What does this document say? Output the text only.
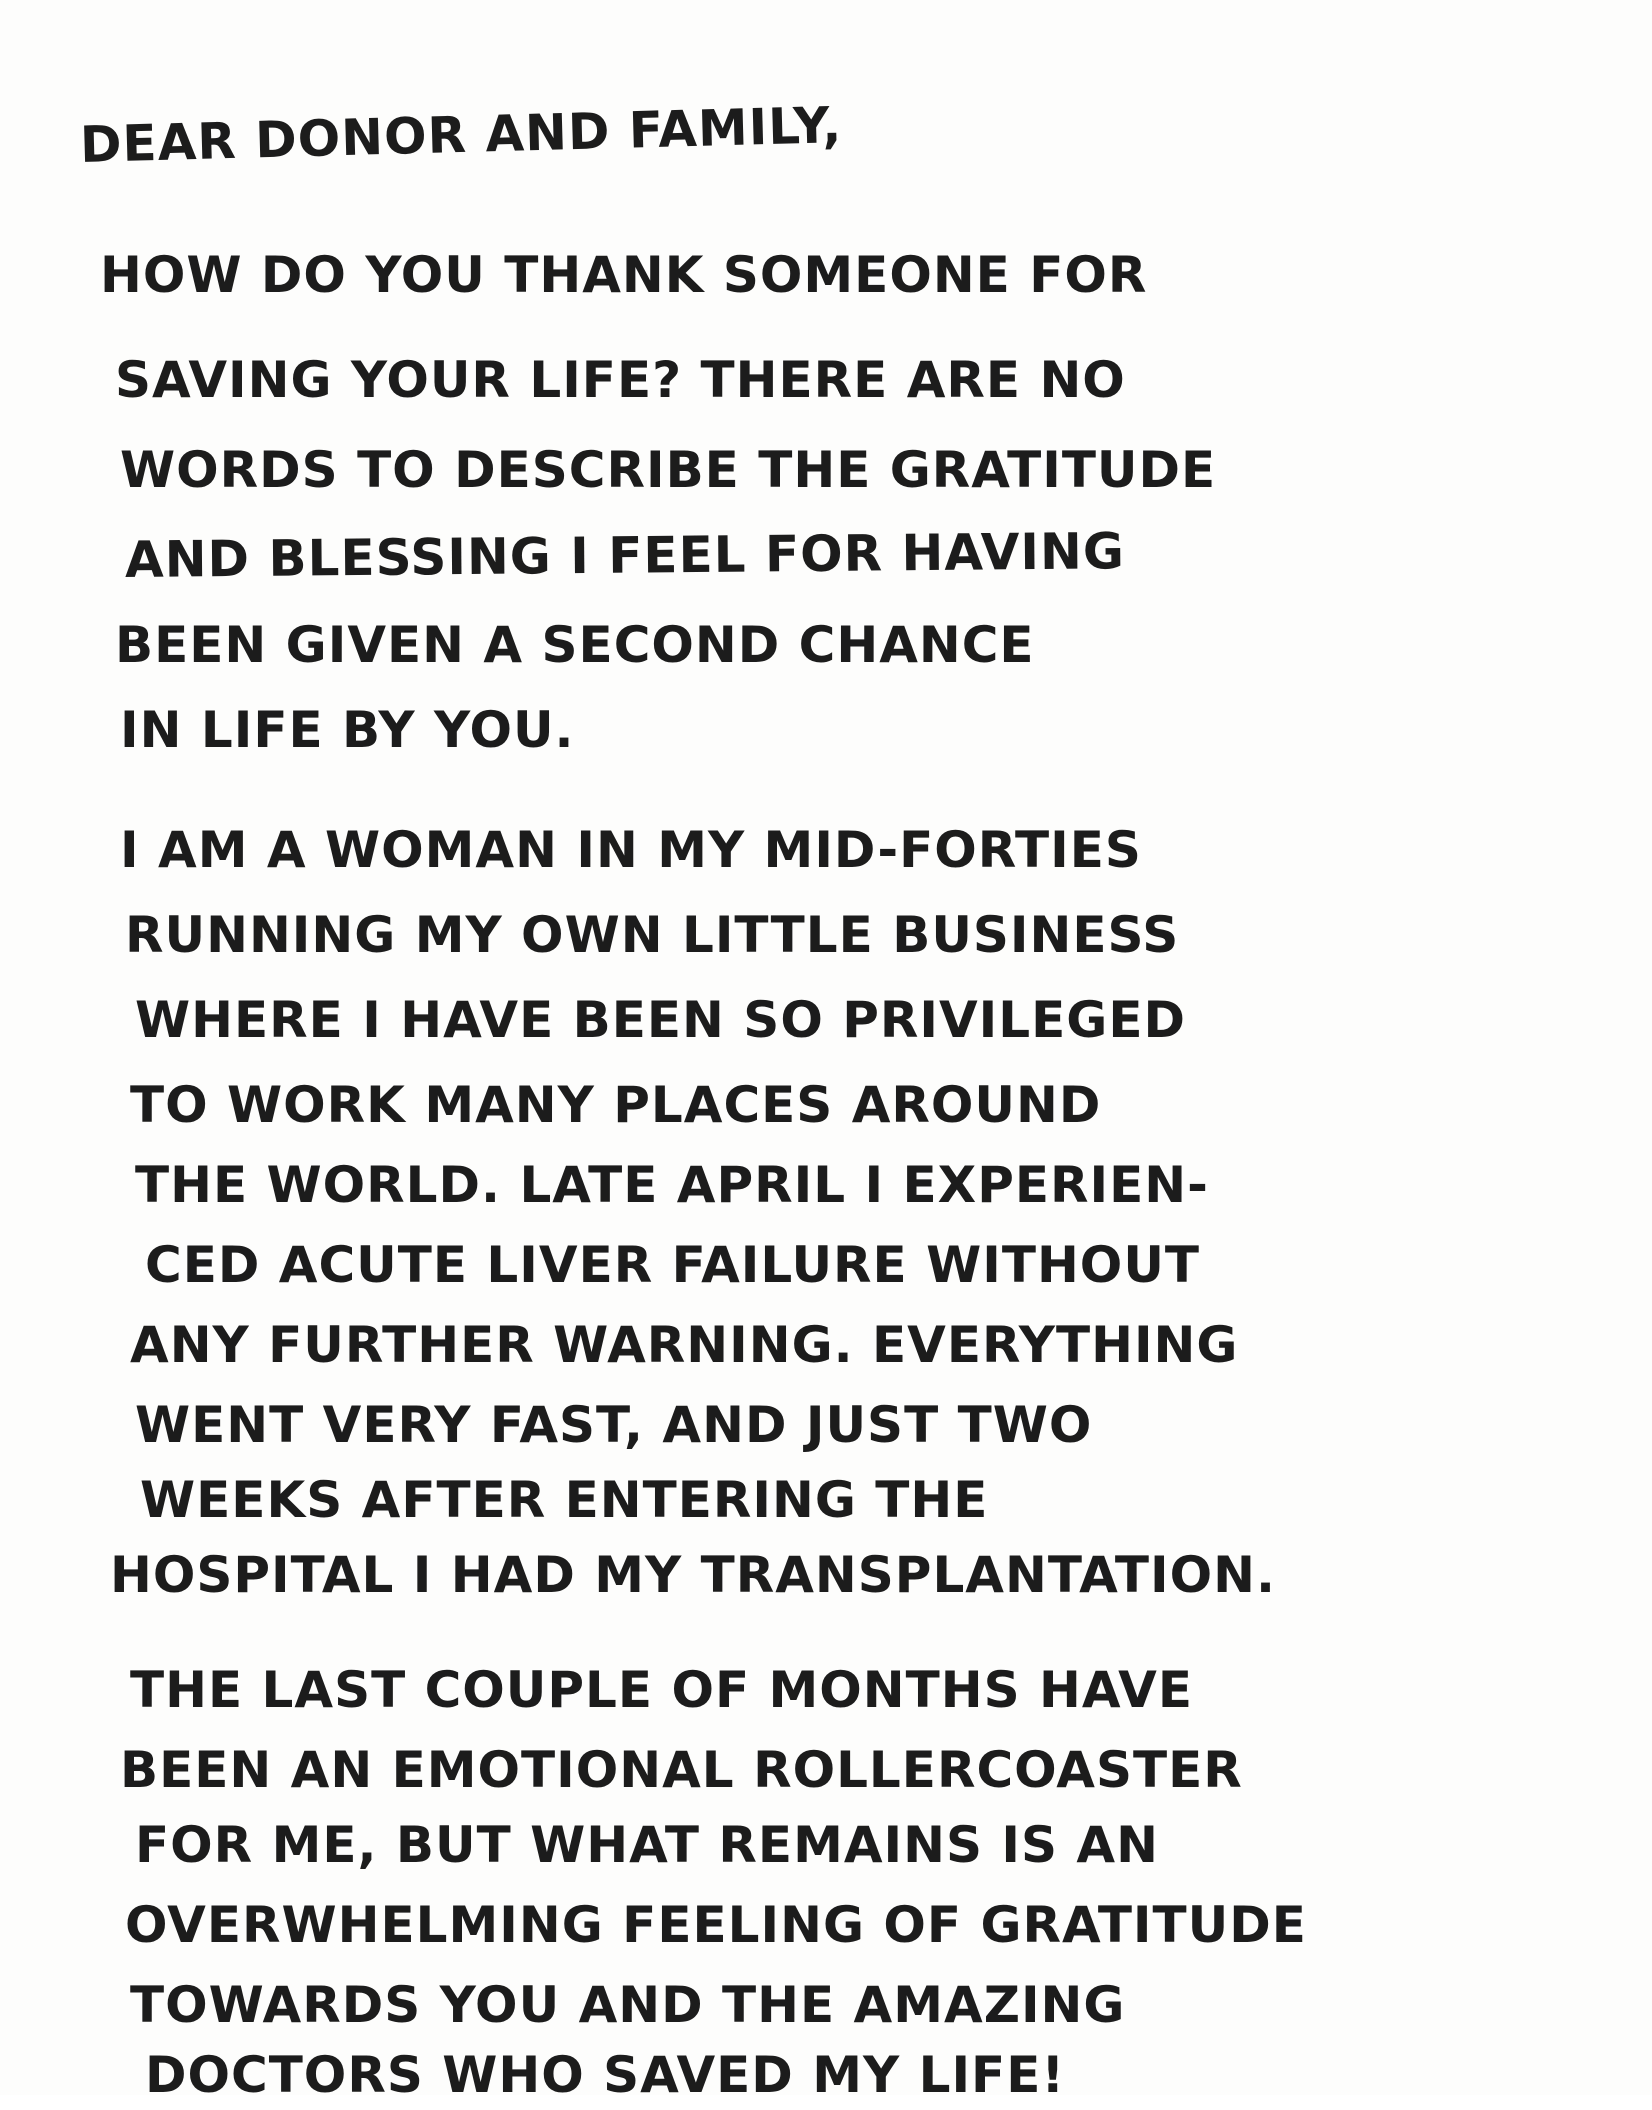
DEAR DONOR AND FAMILY,
HOW DO YOU THANK SOMEONE FOR
SAVING YOUR LIFE? THERE ARE NO
WORDS TO DESCRIBE THE GRATITUDE
AND BLESSING I FEEL FOR HAVING
BEEN GIVEN A SECOND CHANCE
IN LIFE BY YOU.
I AM A WOMAN IN MY MID-FORTIES
RUNNING MY OWN LITTLE BUSINESS
WHERE I HAVE BEEN SO PRIVILEGED
TO WORK MANY PLACES AROUND
THE WORLD. LATE APRIL I EXPERIEN-
CED ACUTE LIVER FAILURE WITHOUT
ANY FURTHER WARNING. EVERYTHING
WENT VERY FAST, AND JUST TWO
WEEKS AFTER ENTERING THE
HOSPITAL I HAD MY TRANSPLANTATION.
THE LAST COUPLE OF MONTHS HAVE
BEEN AN EMOTIONAL ROLLERCOASTER
FOR ME, BUT WHAT REMAINS IS AN
OVERWHELMING FEELING OF GRATITUDE
TOWARDS YOU AND THE AMAZING
DOCTORS WHO SAVED MY LIFE!
